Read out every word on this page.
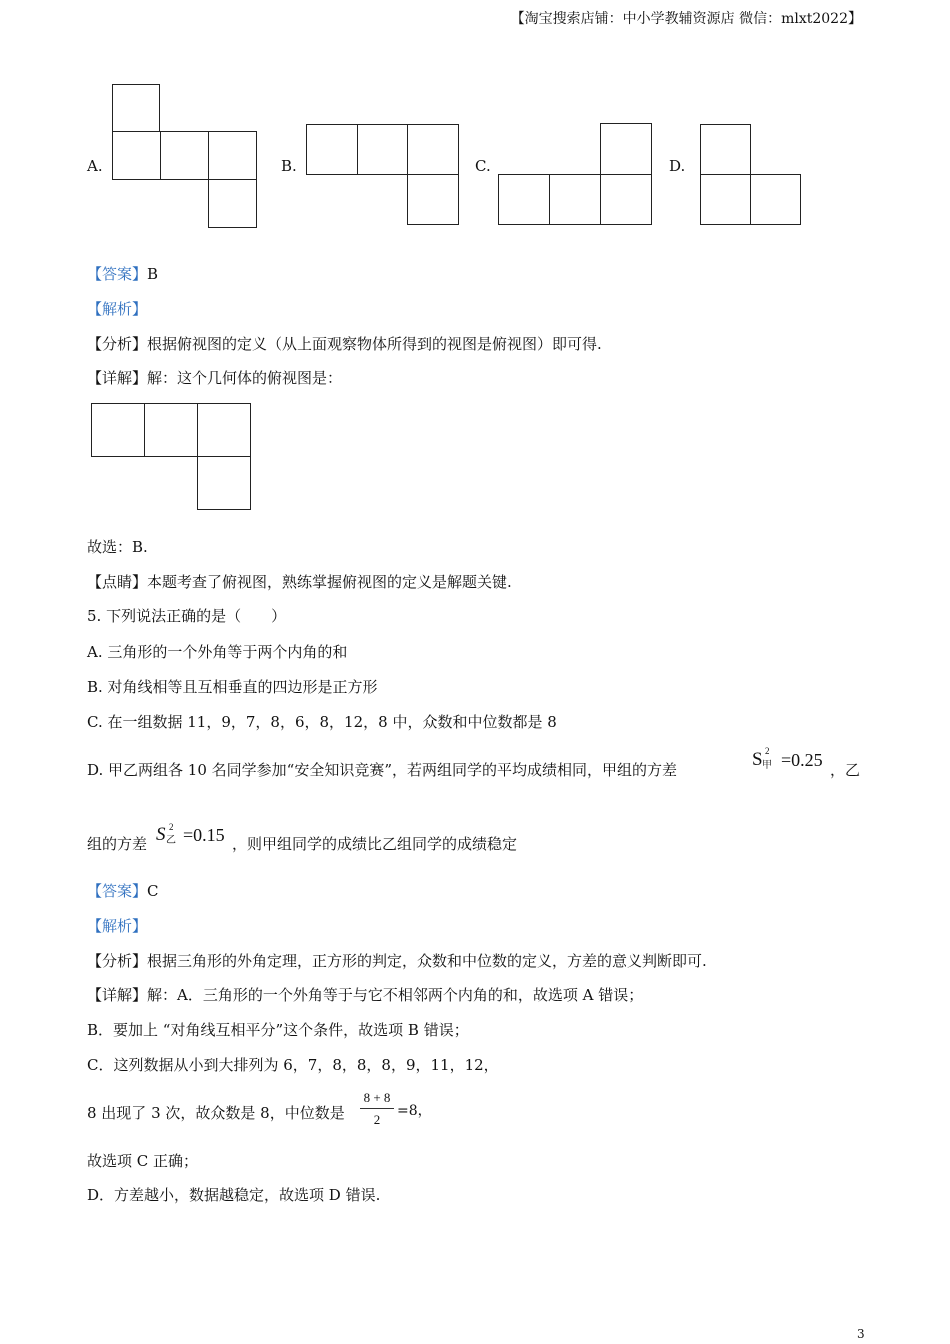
【淘宝搜索店铺：中小学教辅资源店 微信：mlxt2022】
A.	B.	C.	D.
【答案】B
【解析】
【分析】根据俯视图的定义（从上面观察物体所得到的视图是俯视图）即可得.
【详解】解：这个几何体的俯视图是：
故选：B.
【点睛】本题考查了俯视图，熟练掌握俯视图的定义是解题关键.
5. 下列说法正确的是（　　）
A. 三角形的一个外角等于两个内角的和
B. 对角线相等且互相垂直的四边形是正方形
C. 在一组数据 11，9，7，8，6，8，12，8 中，众数和中位数都是 8
D. 甲乙两组各 10 名同学参加“安全知识竞赛”，若两组同学的平均成绩相同，甲组的方差	S 2
甲 =0.25 ，乙
组的方差 S 2
乙 =0.15 ，则甲组同学的成绩比乙组同学的成绩稳定
【答案】C
【解析】
【分析】根据三角形的外角定理，正方形的判定，众数和中位数的定义，方差的意义判断即可.
【详解】解：A．三角形的一个外角等于与它不相邻两个内角的和，故选项 A 错误；
B．要加上 “对角线互相平分”这个条件，故选项 B 错误；
C．这列数据从小到大排列为 6，7，8，8，8，9，11，12，
8 出现了 3 次，故众数是 8，中位数是
8 + 8
2
=8，
故选项 C 正确；
D．方差越小，数据越稳定，故选项 D 错误.
3
